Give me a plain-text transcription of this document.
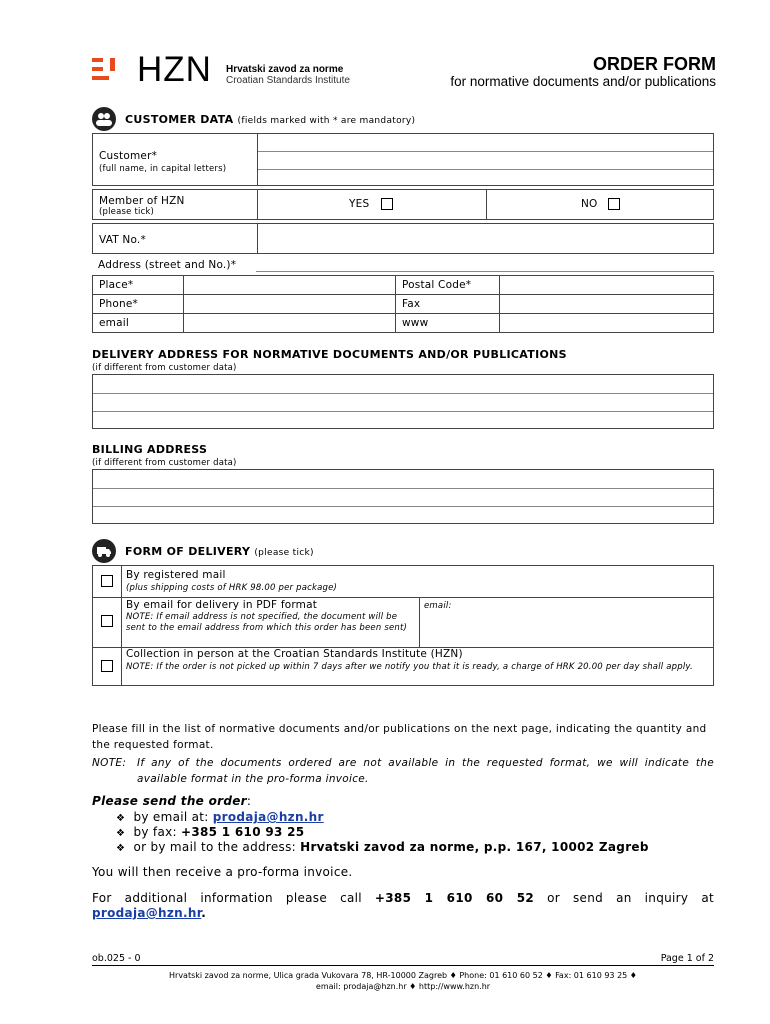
HZN Hrvatski zavod za norme
Croatian Standards Institute
ORDER FORM
for normative documents and/or publications
CUSTOMER DATA (fields marked with * are mandatory)
Customer*
(full name, in capital letters)
Member of HZN
(please tick)
YES	NO
VAT No.*
Address (street and No.)*
Place*		Postal Code*	
Phone*		Fax	
email		www	
DELIVERY ADDRESS FOR NORMATIVE DOCUMENTS AND/OR PUBLICATIONS
(if different from customer data)
BILLING ADDRESS
(if different from customer data)
FORM OF DELIVERY (please tick)
By registered mail
(plus shipping costs of HRK 98.00 per package)
By email for delivery in PDF format
NOTE: If email address is not specified, the document will be sent to the email address from which this order has been sent)
email:
Collection in person at the Croatian Standards Institute (HZN)
NOTE: If the order is not picked up within 7 days after we notify you that it is ready, a charge of HRK 20.00 per day shall apply.
Please fill in the list of normative documents and/or publications on the next page, indicating the quantity and the requested format.
NOTE:	If any of the documents ordered are not available in the requested format, we will indicate the available format in the pro-forma invoice.
Please send the order:
❖ by email at: prodaja@hzn.hr
❖ by fax: +385 1 610 93 25
❖ or by mail to the address: Hrvatski zavod za norme, p.p. 167, 10002 Zagreb
You will then receive a pro-forma invoice.
For additional information please call +385 1 610 60 52 or send an inquiry at
prodaja@hzn.hr.
ob.025 - 0	Page 1 of 2
Hrvatski zavod za norme, Ulica grada Vukovara 78, HR-10000 Zagreb ♦ Phone: 01 610 60 52 ♦ Fax: 01 610 93 25 ♦
email: prodaja@hzn.hr ♦ http://www.hzn.hr
